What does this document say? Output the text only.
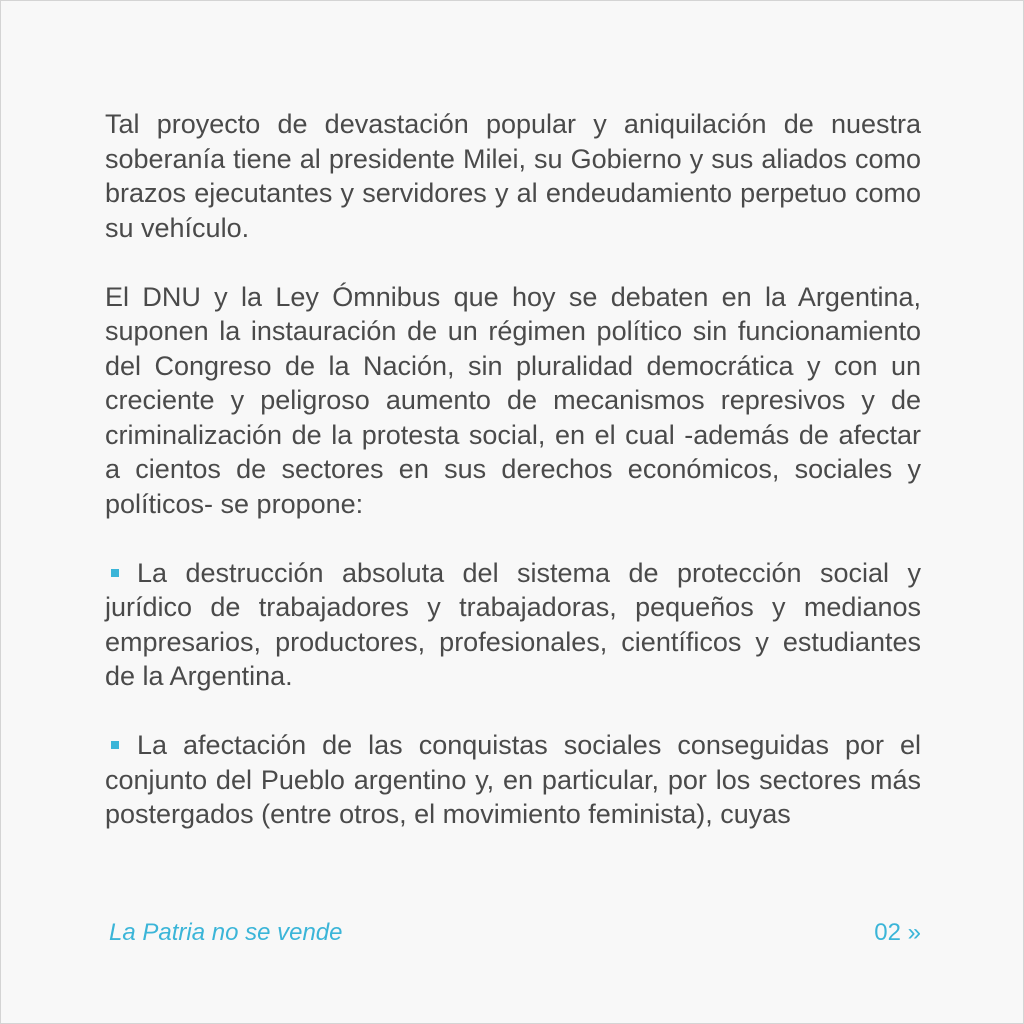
Tal proyecto de devastación popular y aniquilación de nuestra soberanía tiene al presidente Milei, su Gobierno y sus aliados como brazos ejecutantes y servidores y al endeudamiento perpetuo como su vehículo.

El DNU y la Ley Ómnibus que hoy se debaten en la Argentina, suponen la instauración de un régimen político sin funcionamiento del Congreso de la Nación, sin pluralidad democrática y con un creciente y peligroso aumento de mecanismos represivos y de criminalización de la protesta social, en el cual -además de afectar a cientos de sectores en sus derechos económicos, sociales y políticos- se propone:

La destrucción absoluta del sistema de protección social y jurídico de trabajadores y trabajadoras, pequeños y medianos empresarios, productores, profesionales, científicos y estudiantes de la Argentina.

La afectación de las conquistas sociales conseguidas por el conjunto del Pueblo argentino y, en particular, por los sectores más postergados (entre otros, el movimiento feminista), cuyas

La Patria no se vende	02 »
